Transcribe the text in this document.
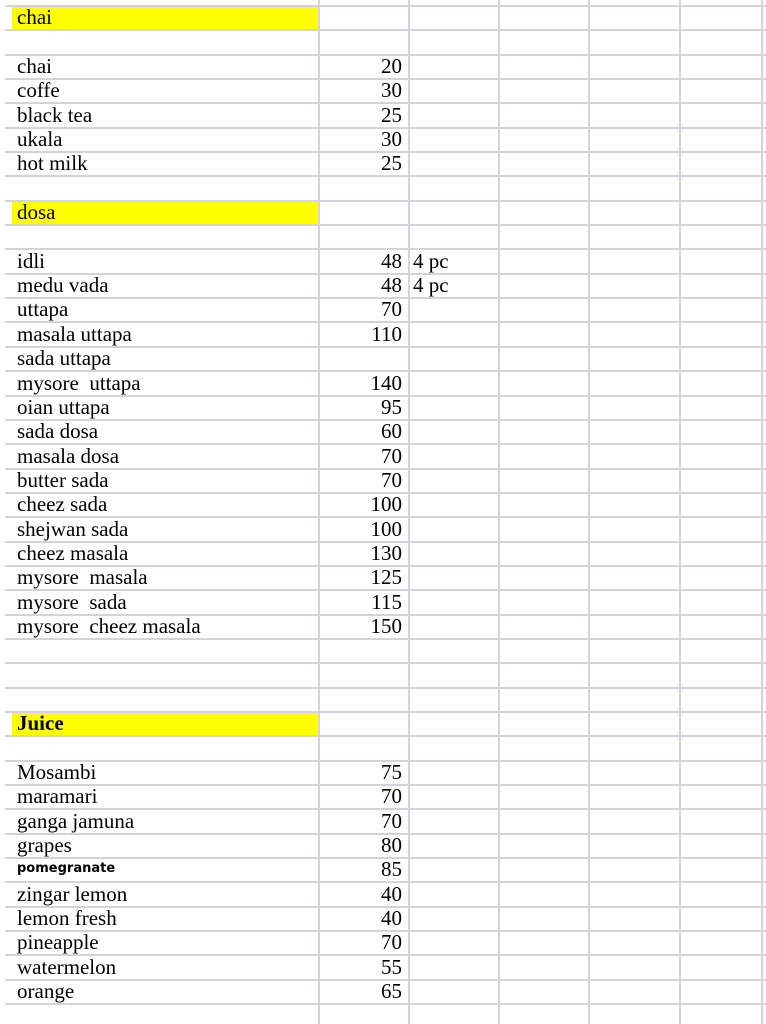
chai
chai	20
coffe	30
black tea	25
ukala	30
hot milk	25
dosa
idli	48 4 pc
medu vada	48 4 pc
uttapa	70
masala uttapa	110
sada uttapa
mysore  uttapa	140
oian uttapa	95
sada dosa	60
masala dosa	70
butter sada	70
cheez sada	100
shejwan sada	100
cheez masala	130
mysore  masala	125
mysore  sada	115
mysore  cheez masala	150
Juice
Mosambi	75
maramari	70
ganga jamuna	70
grapes	80
pomegranate	85
zingar lemon	40
lemon fresh	40
pineapple	70
watermelon	55
orange	65
